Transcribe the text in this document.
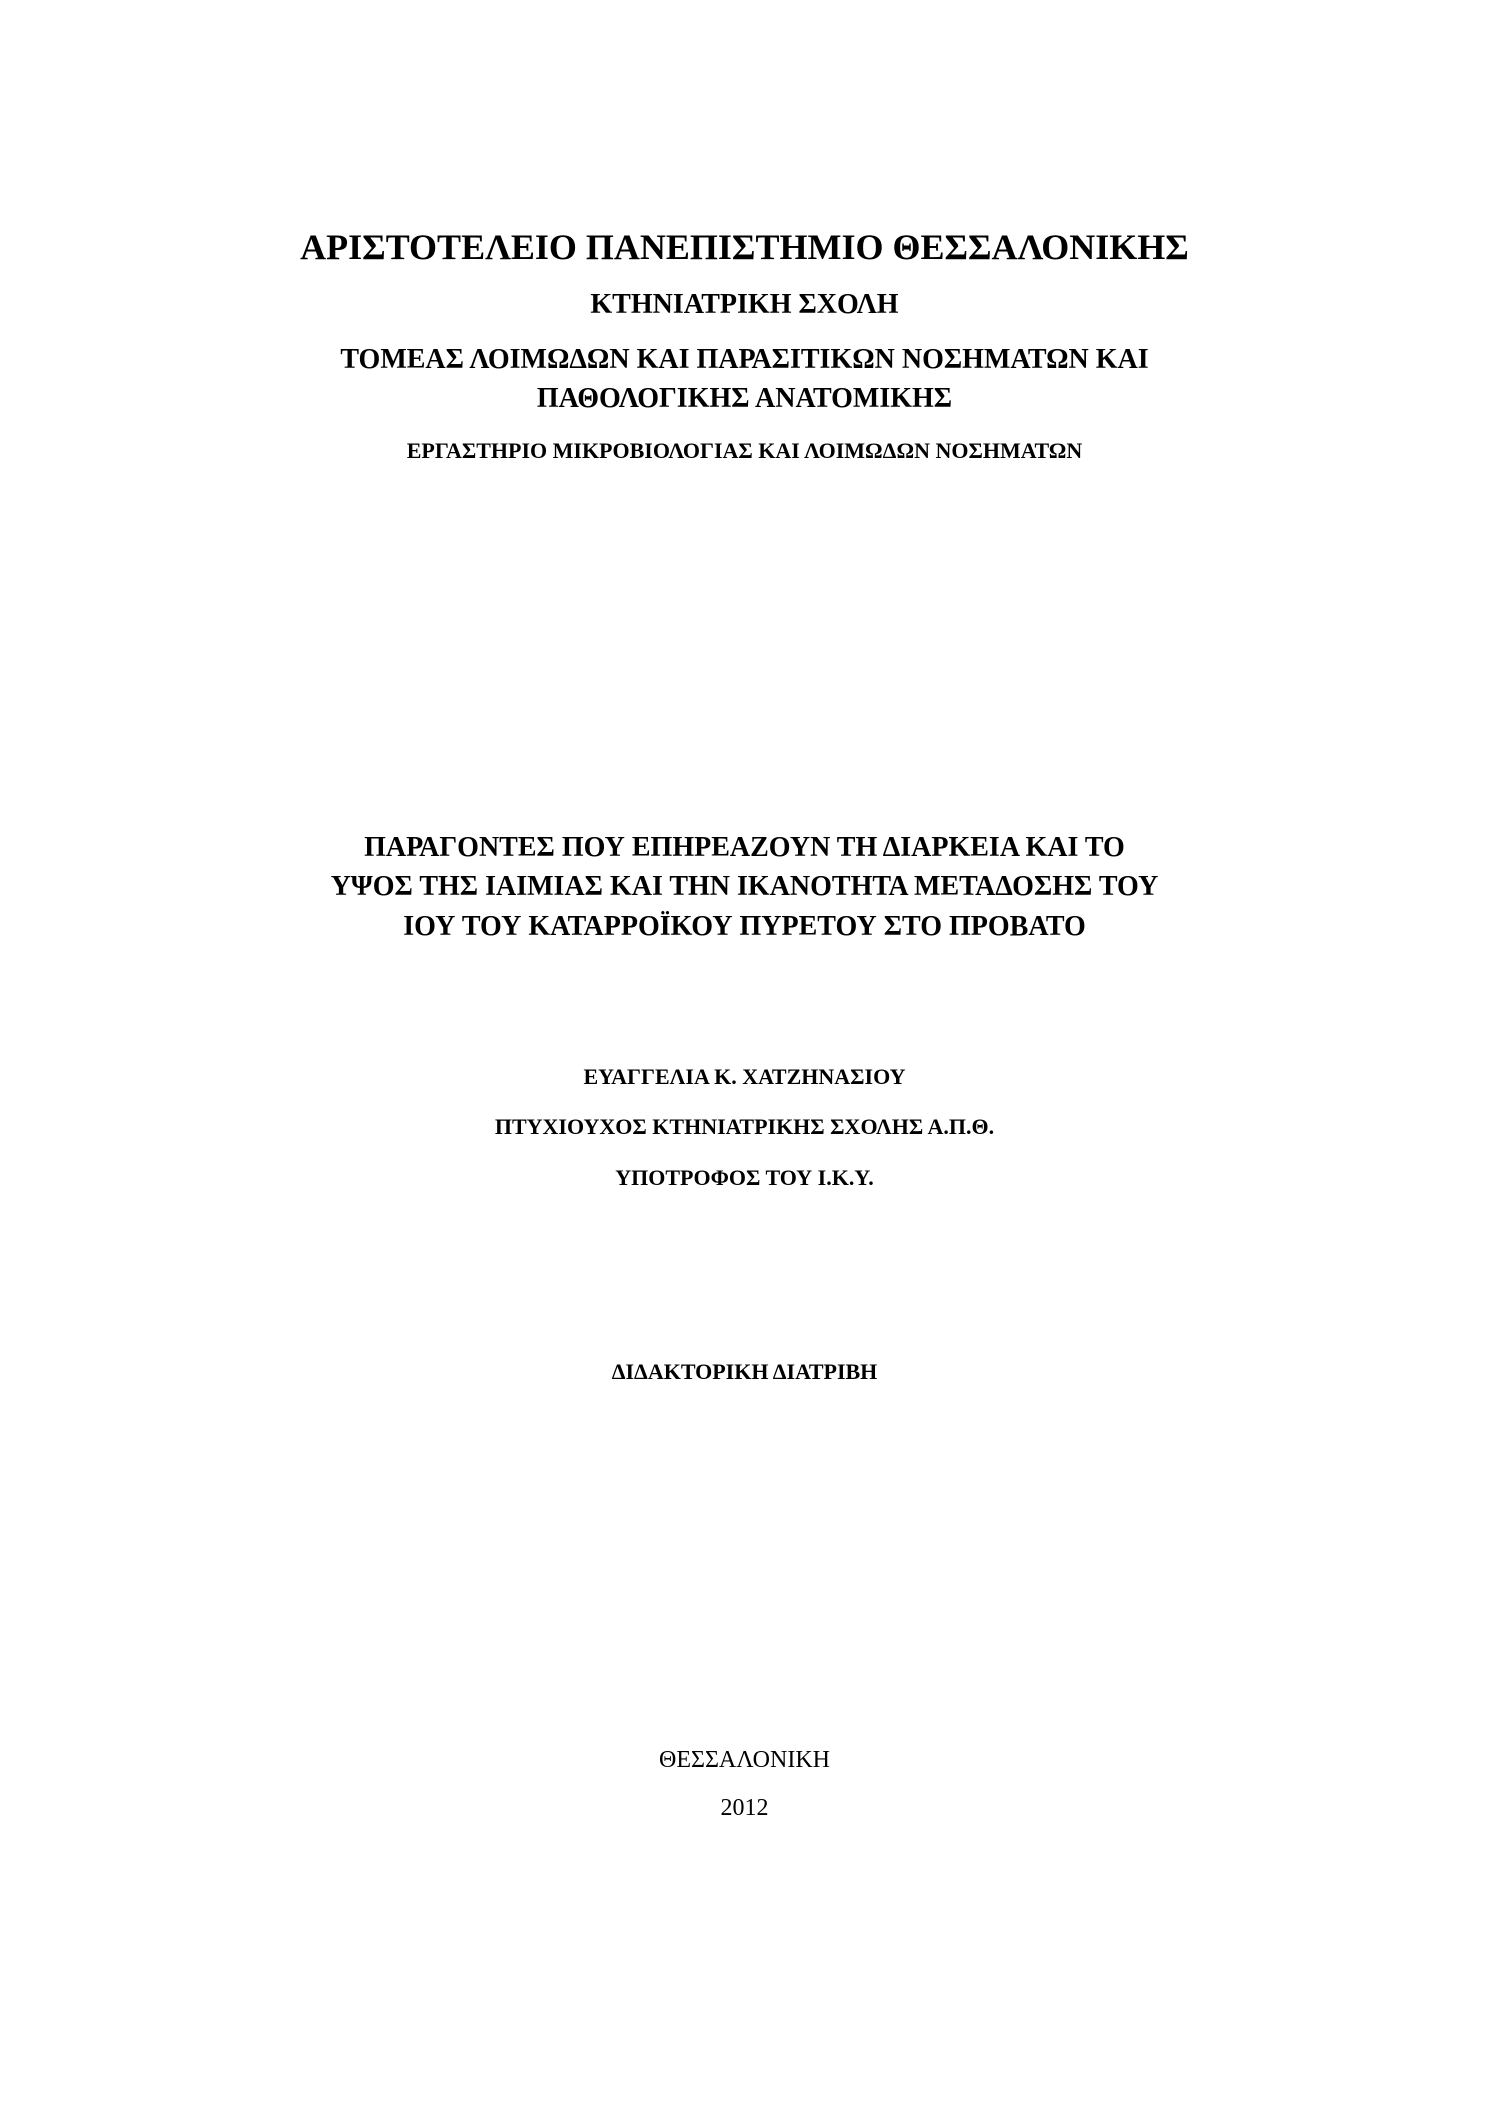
ΑΡΙΣΤΟΤΕΛΕΙΟ ΠΑΝΕΠΙΣΤΗΜΙΟ ΘΕΣΣΑΛΟΝΙΚΗΣ
ΚΤΗΝΙΑΤΡΙΚΗ ΣΧΟΛΗ
ΤΟΜΕΑΣ ΛΟΙΜΩΔΩΝ ΚΑΙ ΠΑΡΑΣΙΤΙΚΩΝ ΝΟΣΗΜΑΤΩΝ ΚΑΙ
ΠΑΘΟΛΟΓΙΚΗΣ ΑΝΑΤΟΜΙΚΗΣ
ΕΡΓΑΣΤΗΡΙΟ ΜΙΚΡΟΒΙΟΛΟΓΙΑΣ ΚΑΙ ΛΟΙΜΩΔΩΝ ΝΟΣΗΜΑΤΩΝ
ΠΑΡΑΓΟΝΤΕΣ ΠΟΥ ΕΠΗΡΕΑΖΟΥΝ ΤΗ ΔΙΑΡΚΕΙΑ ΚΑΙ ΤΟ
ΥΨΟΣ ΤΗΣ ΙΑΙΜΙΑΣ ΚΑΙ ΤΗΝ ΙΚΑΝΟΤΗΤΑ ΜΕΤΑΔΟΣΗΣ ΤΟΥ
ΙΟΥ ΤΟΥ ΚΑΤΑΡΡΟΪΚΟΥ ΠΥΡΕΤΟΥ ΣΤΟ ΠΡΟΒΑΤΟ
ΕΥΑΓΓΕΛΙΑ Κ. ΧΑΤΖΗΝΑΣΙΟΥ
ΠΤΥΧΙΟΥΧΟΣ ΚΤΗΝΙΑΤΡΙΚΗΣ ΣΧΟΛΗΣ Α.Π.Θ.
ΥΠΟΤΡΟΦΟΣ ΤΟΥ Ι.Κ.Υ.
ΔΙΔΑΚΤΟΡΙΚΗ ΔΙΑΤΡΙΒΗ
ΘΕΣΣΑΛΟΝΙΚΗ
2012
